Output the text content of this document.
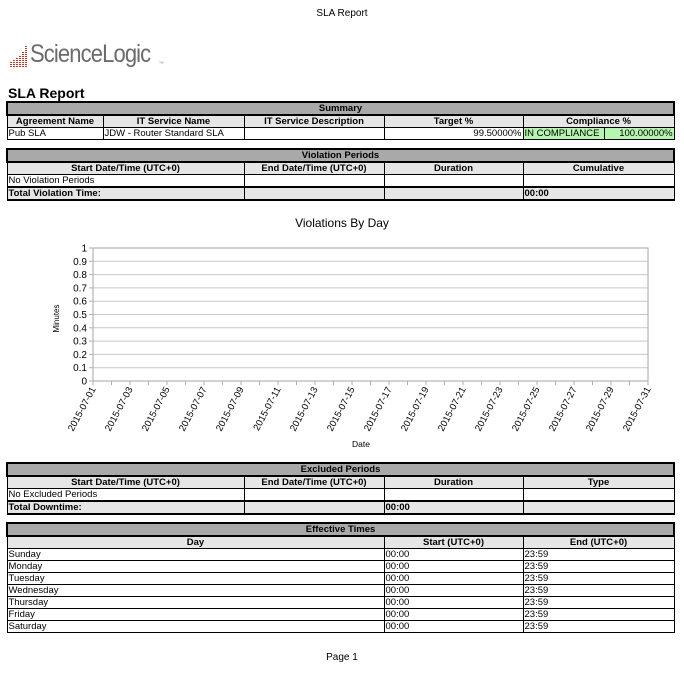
SLA Report
ScienceLogic ™
SLA Report
Summary					
Agreement Name	IT Service Name	IT Service Description	Target %	Compliance %	
Pub SLA	JDW - Router Standard SLA		99.50000%	IN COMPLIANCE	100.00000%
Violation Periods			
Start Date/Time (UTC+0)	End Date/Time (UTC+0)	Duration	Cumulative
No Violation Periods			
Total Violation Time:			00:00
Violations By Day
0
0.1
0.2
0.3
0.4
0.5
0.6
0.7
0.8
0.9
1
2015-07-01 2015-07-03 2015-07-05 2015-07-07 2015-07-09 2015-07-11 2015-07-13 2015-07-15 2015-07-17 2015-07-19 2015-07-21 2015-07-23 2015-07-25 2015-07-27 2015-07-29 2015-07-31
Minutes
Date
Excluded Periods			
Start Date/Time (UTC+0)	End Date/Time (UTC+0)	Duration	Type
No Excluded Periods			
Total Downtime:		00:00	
Effective Times		
Day	Start (UTC+0)	End (UTC+0)
Sunday	00:00	23:59
Monday	00:00	23:59
Tuesday	00:00	23:59
Wednesday	00:00	23:59
Thursday	00:00	23:59
Friday	00:00	23:59
Saturday	00:00	23:59
Page 1
